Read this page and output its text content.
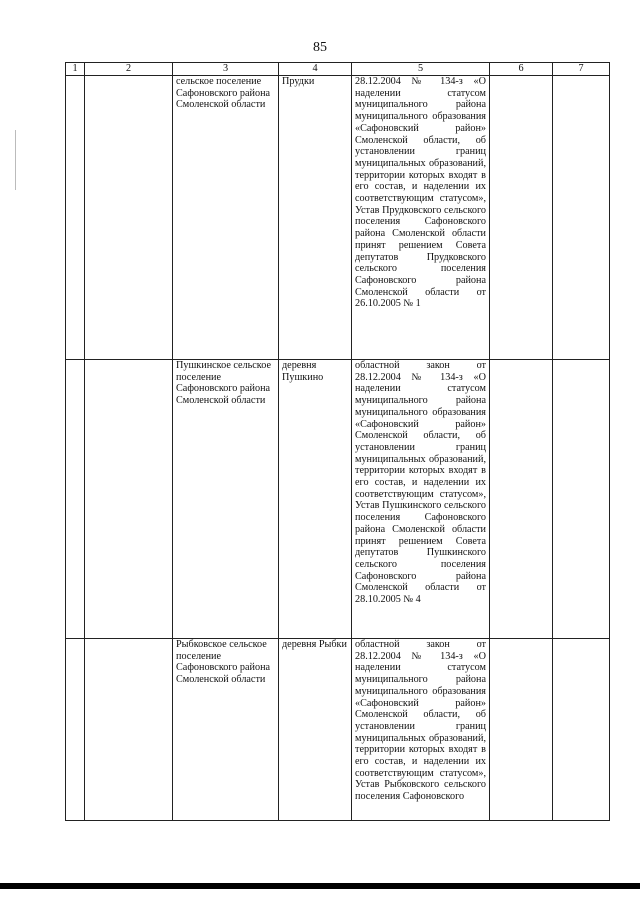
85
1	2	3	4	5	6	7
		сельское поселение Сафоновского района Смоленской области	Прудки	28.12.2004 № 134-з «О наделении статусом муниципального района муниципального образования «Сафоновский район» Смоленской области, об установлении границ муниципальных образований, территории которых входят в его состав, и наделении их соответствующим статусом», Устав Прудковского сельского поселения Сафоновского района Смоленской области принят решением Совета депутатов Прудковского сельского поселения Сафоновского района Смоленской области от 26.10.2005 № 1		
		Пушкинское сельское поселение Сафоновского района Смоленской области	деревня Пушкино	областной закон от 28.12.2004 № 134-з «О наделении статусом муниципального района муниципального образования «Сафоновский район» Смоленской области, об установлении границ муниципальных образований, территории которых входят в его состав, и наделении их соответствующим статусом», Устав Пушкинского сельского поселения Сафоновского района Смоленской области принят решением Совета депутатов Пушкинского сельского поселения Сафоновского района Смоленской области от 28.10.2005 № 4		
		Рыбковское сельское поселение Сафоновского района Смоленской области	деревня Рыбки	областной закон от 28.12.2004 № 134-з «О наделении статусом муниципального района муниципального образования «Сафоновский район» Смоленской области, об установлении границ муниципальных образований, территории которых входят в его состав, и наделении их соответствующим статусом», Устав Рыбковского сельского поселения Сафоновского		
